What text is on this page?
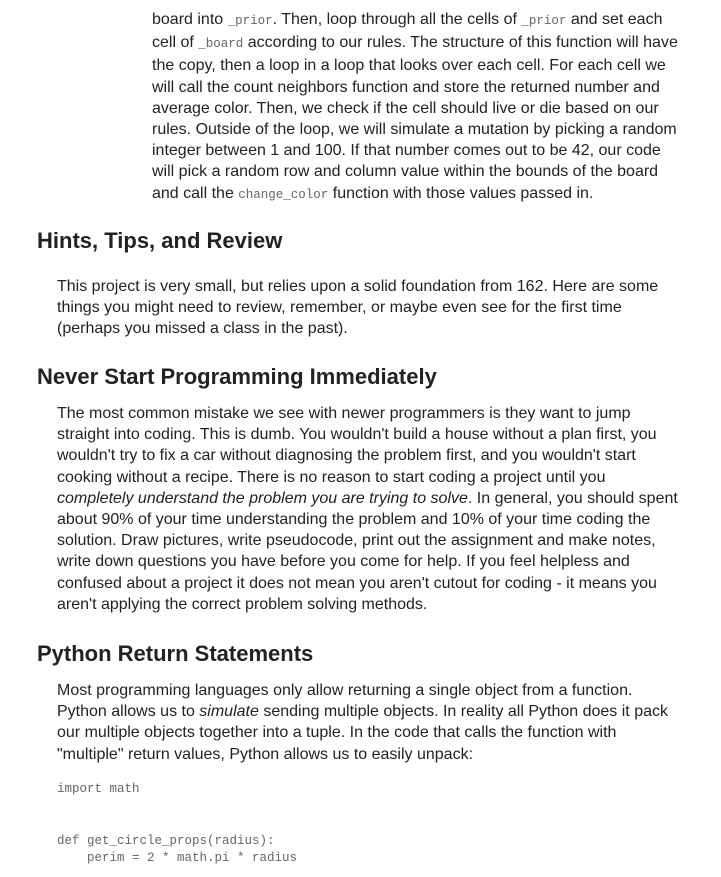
board into _prior. Then, loop through all the cells of _prior and set each
cell of _board according to our rules. The structure of this function will have
the copy, then a loop in a loop that looks over each cell. For each cell we
will call the count neighbors function and store the returned number and
average color. Then, we check if the cell should live or die based on our
rules. Outside of the loop, we will simulate a mutation by picking a random
integer between 1 and 100. If that number comes out to be 42, our code
will pick a random row and column value within the bounds of the board
and call the change_color function with those values passed in.
Hints, Tips, and Review
This project is very small, but relies upon a solid foundation from 162. Here are some
things you might need to review, remember, or maybe even see for the first time
(perhaps you missed a class in the past).
Never Start Programming Immediately
The most common mistake we see with newer programmers is they want to jump
straight into coding. This is dumb. You wouldn't build a house without a plan first, you
wouldn't try to fix a car without diagnosing the problem first, and you wouldn't start
cooking without a recipe. There is no reason to start coding a project until you
completely understand the problem you are trying to solve. In general, you should spent
about 90% of your time understanding the problem and 10% of your time coding the
solution. Draw pictures, write pseudocode, print out the assignment and make notes,
write down questions you have before you come for help. If you feel helpless and
confused about a project it does not mean you aren't cutout for coding - it means you
aren't applying the correct problem solving methods.
Python Return Statements
Most programming languages only allow returning a single object from a function.
Python allows us to simulate sending multiple objects. In reality all Python does it pack
our multiple objects together into a tuple. In the code that calls the function with
"multiple" return values, Python allows us to easily unpack:
import math
def get_circle_props(radius):
perim = 2 * math.pi * radius
